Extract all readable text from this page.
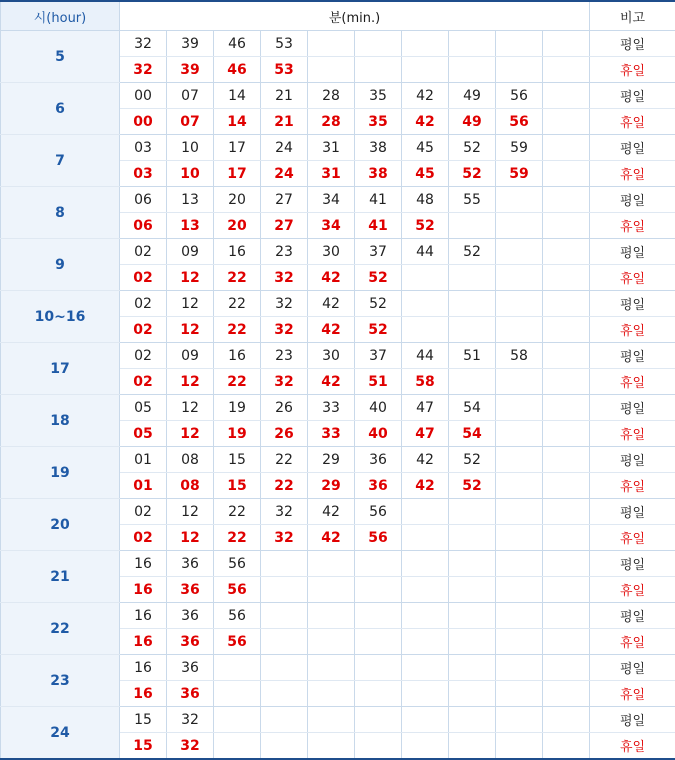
시(hour)	분(min.)										비고
5	32	39	46	53							평일
	32	39	46	53							휴일
6	00	07	14	21	28	35	42	49	56		평일
	00	07	14	21	28	35	42	49	56		휴일
7	03	10	17	24	31	38	45	52	59		평일
	03	10	17	24	31	38	45	52	59		휴일
8	06	13	20	27	34	41	48	55			평일
	06	13	20	27	34	41	52				휴일
9	02	09	16	23	30	37	44	52			평일
	02	12	22	32	42	52					휴일
10~16	02	12	22	32	42	52					평일
	02	12	22	32	42	52					휴일
17	02	09	16	23	30	37	44	51	58		평일
	02	12	22	32	42	51	58				휴일
18	05	12	19	26	33	40	47	54			평일
	05	12	19	26	33	40	47	54			휴일
19	01	08	15	22	29	36	42	52			평일
	01	08	15	22	29	36	42	52			휴일
20	02	12	22	32	42	56					평일
	02	12	22	32	42	56					휴일
21	16	36	56								평일
	16	36	56								휴일
22	16	36	56								평일
	16	36	56								휴일
23	16	36									평일
	16	36									휴일
24	15	32									평일
	15	32									휴일
